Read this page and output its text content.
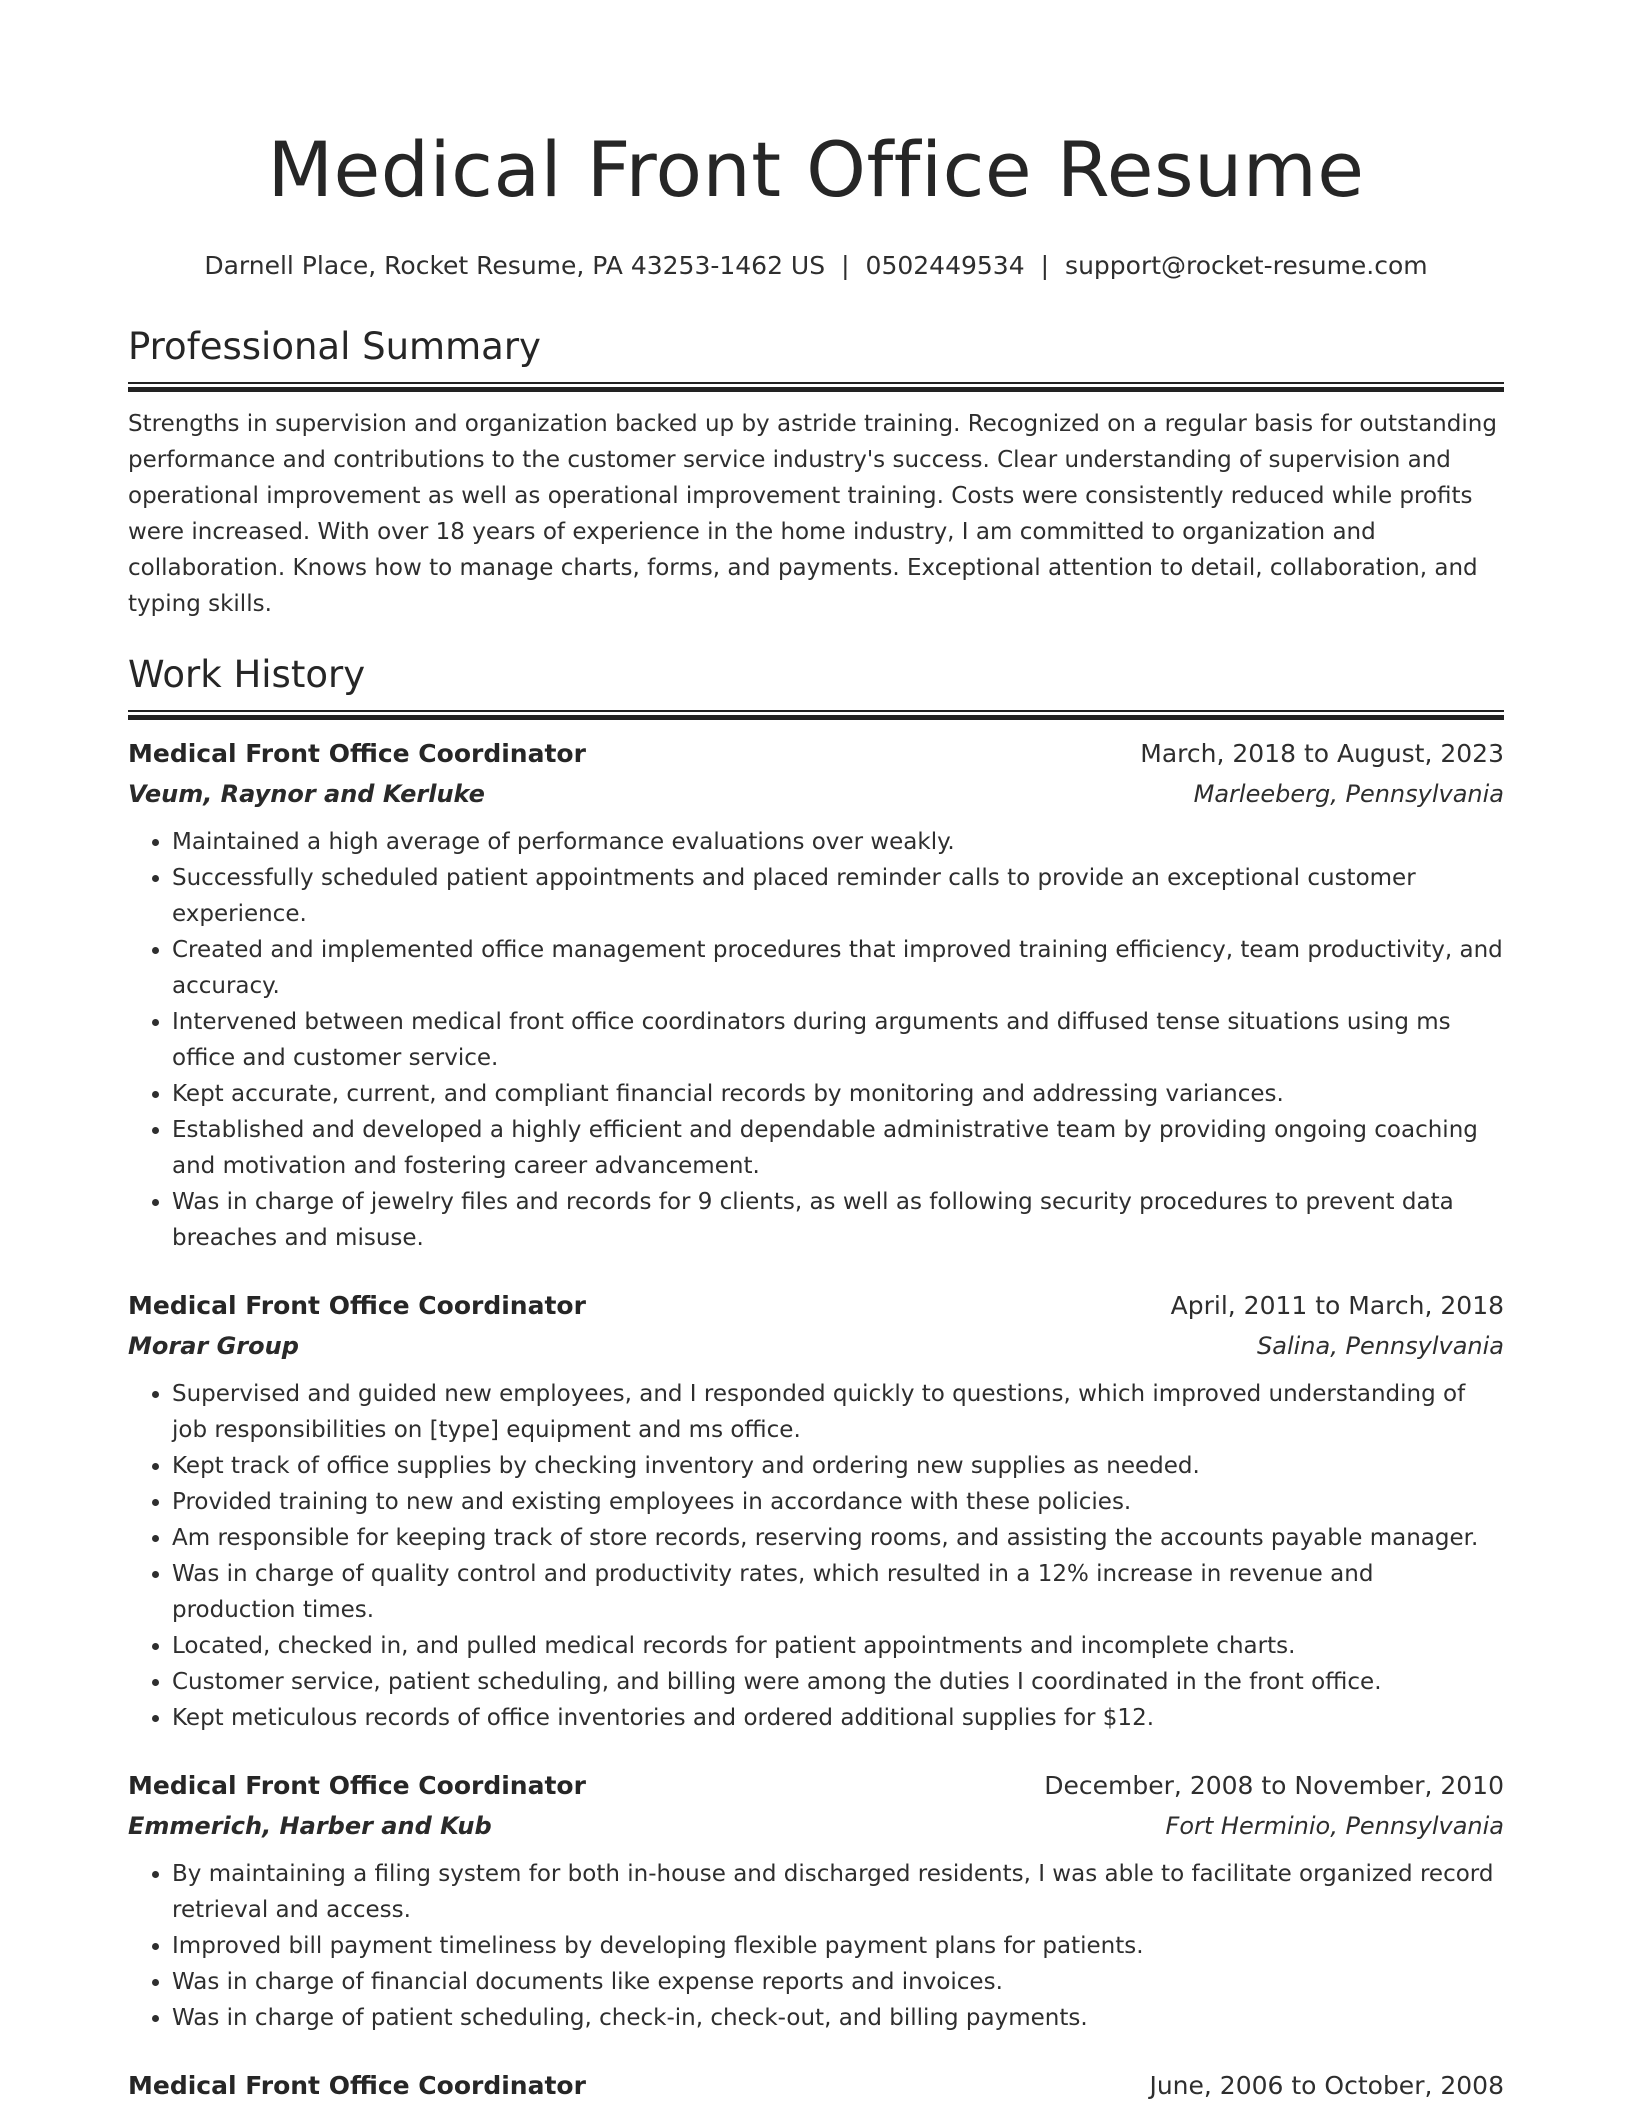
Medical Front Office Resume
Darnell Place, Rocket Resume, PA 43253-1462 US | 0502449534 | support@rocket-resume.com
Professional Summary

Strengths in supervision and organization backed up by astride training. Recognized on a regular basis for outstanding performance and contributions to the customer service industry's success. Clear understanding of supervision and operational improvement as well as operational improvement training. Costs were consistently reduced while profits were increased. With over 18 years of experience in the home industry, I am committed to organization and collaboration. Knows how to manage charts, forms, and payments. Exceptional attention to detail, collaboration, and typing skills.

Work History
Medical Front Office Coordinator	March, 2018 to August, 2023
Veum, Raynor and Kerluke	Marleeberg, Pennsylvania
• Maintained a high average of performance evaluations over weakly.
• Successfully scheduled patient appointments and placed reminder calls to provide an exceptional customer experience.
• Created and implemented office management procedures that improved training efficiency, team productivity, and accuracy.
• Intervened between medical front office coordinators during arguments and diffused tense situations using ms office and customer service.
• Kept accurate, current, and compliant financial records by monitoring and addressing variances.
• Established and developed a highly efficient and dependable administrative team by providing ongoing coaching and motivation and fostering career advancement.
• Was in charge of jewelry files and records for 9 clients, as well as following security procedures to prevent data breaches and misuse.
Medical Front Office Coordinator	April, 2011 to March, 2018
Morar Group	Salina, Pennsylvania
• Supervised and guided new employees, and I responded quickly to questions, which improved understanding of job responsibilities on [type] equipment and ms office.
• Kept track of office supplies by checking inventory and ordering new supplies as needed.
• Provided training to new and existing employees in accordance with these policies.
• Am responsible for keeping track of store records, reserving rooms, and assisting the accounts payable manager.
• Was in charge of quality control and productivity rates, which resulted in a 12% increase in revenue and production times.
• Located, checked in, and pulled medical records for patient appointments and incomplete charts.
• Customer service, patient scheduling, and billing were among the duties I coordinated in the front office.
• Kept meticulous records of office inventories and ordered additional supplies for $12.
Medical Front Office Coordinator	December, 2008 to November, 2010
Emmerich, Harber and Kub	Fort Herminio, Pennsylvania
• By maintaining a filing system for both in-house and discharged residents, I was able to facilitate organized record retrieval and access.
• Improved bill payment timeliness by developing flexible payment plans for patients.
• Was in charge of financial documents like expense reports and invoices.
• Was in charge of patient scheduling, check-in, check-out, and billing payments.
Medical Front Office Coordinator	June, 2006 to October, 2008
